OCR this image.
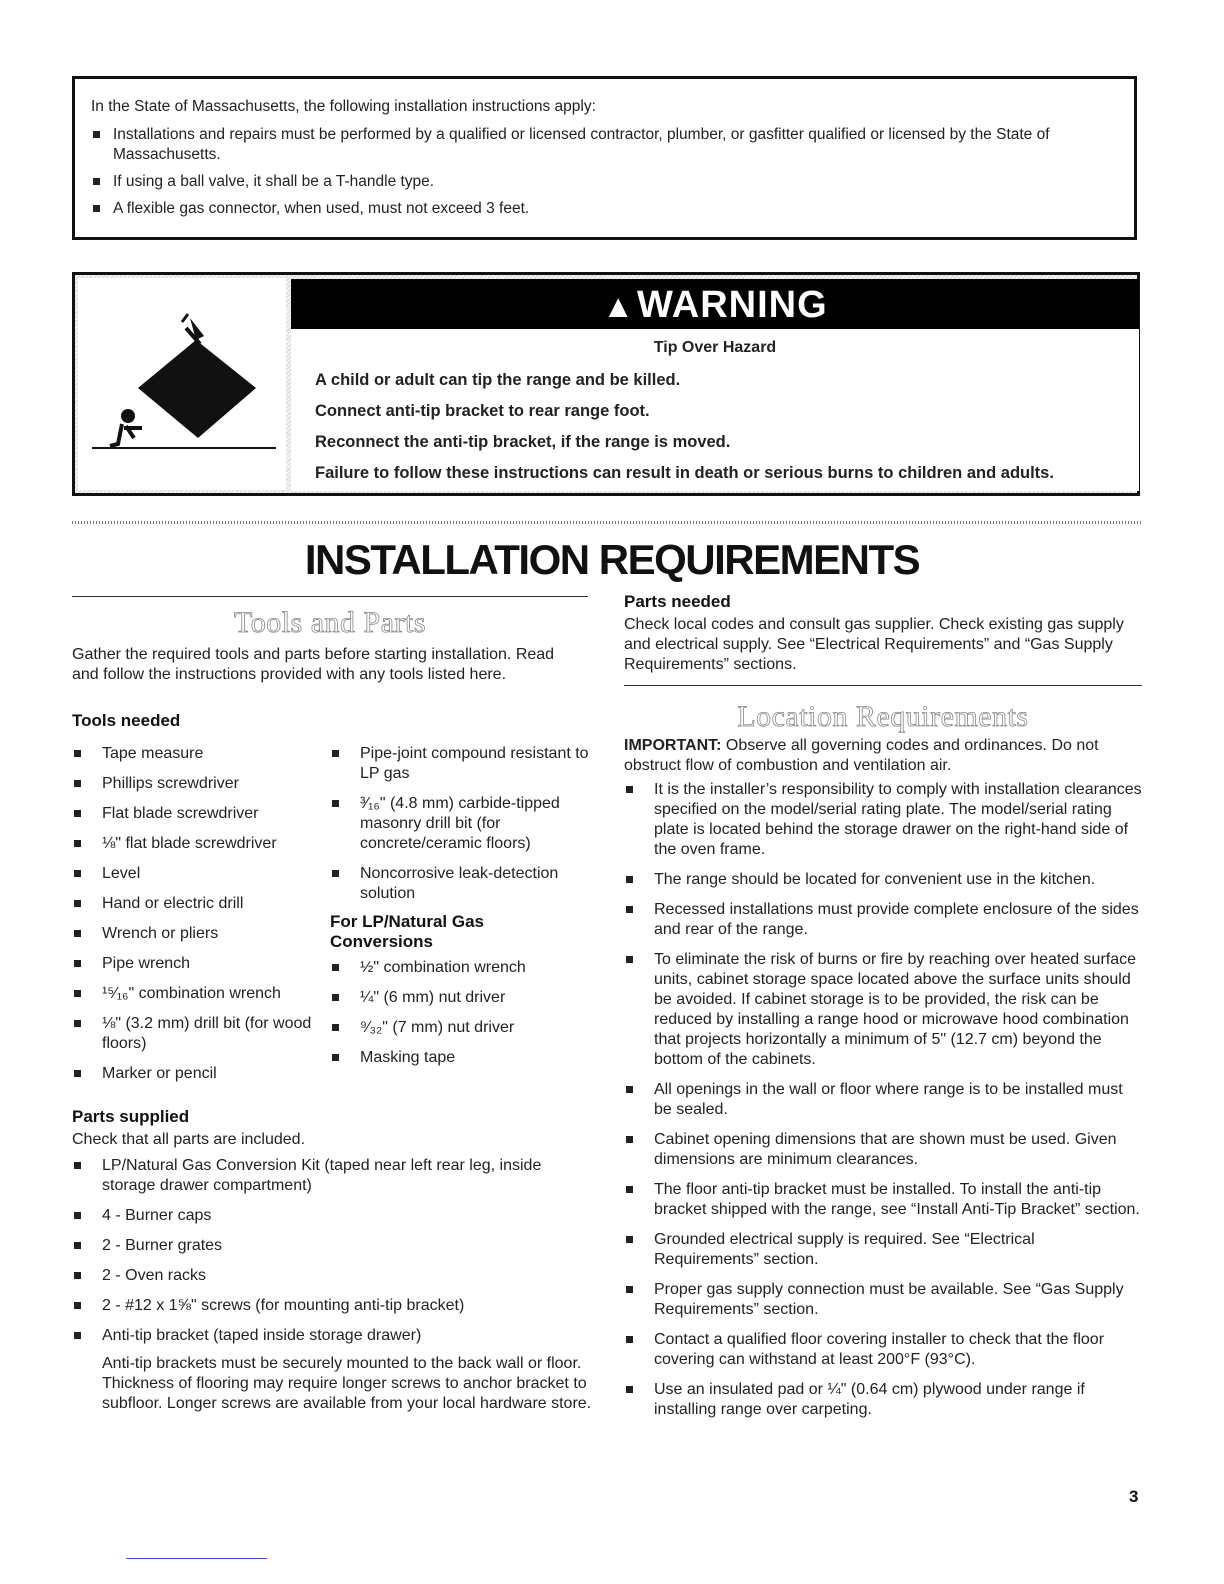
In the State of Massachusetts, the following installation instructions apply:

Installations and repairs must be performed by a qualified or licensed contractor, plumber, or gasfitter qualified or licensed by the State of Massachusetts.
If using a ball valve, it shall be a T-handle type.
A flexible gas connector, when used, must not exceed 3 feet.
▲WARNING
Tip Over Hazard
A child or adult can tip the range and be killed.
Connect anti-tip bracket to rear range foot.
Reconnect the anti-tip bracket, if the range is moved.
Failure to follow these instructions can result in death or serious burns to children and adults.
INSTALLATION REQUIREMENTS
Tools and Parts
Gather the required tools and parts before starting installation. Read and follow the instructions provided with any tools listed here.
Tools needed
Tape measure
Phillips screwdriver
Flat blade screwdriver
⅛" flat blade screwdriver
Level
Hand or electric drill
Wrench or pliers
Pipe wrench
¹⁵⁄₁₆" combination wrench
⅛" (3.2 mm) drill bit (for wood floors)
Marker or pencil
Pipe-joint compound resistant to LP gas
³⁄₁₆" (4.8 mm) carbide-tipped masonry drill bit (for concrete/ceramic floors)
Noncorrosive leak-detection solution
For LP/Natural Gas Conversions
½" combination wrench
¼" (6 mm) nut driver
⁹⁄₃₂" (7 mm) nut driver
Masking tape
Parts supplied
Check that all parts are included.
LP/Natural Gas Conversion Kit (taped near left rear leg, inside storage drawer compartment)
4 - Burner caps
2 - Burner grates
2 - Oven racks
2 - #12 x 1⅝" screws (for mounting anti-tip bracket)
Anti-tip bracket (taped inside storage drawer)
Anti-tip brackets must be securely mounted to the back wall or floor. Thickness of flooring may require longer screws to anchor bracket to subfloor. Longer screws are available from your local hardware store.
Parts needed
Check local codes and consult gas supplier. Check existing gas supply and electrical supply. See “Electrical Requirements” and “Gas Supply Requirements” sections.
Location Requirements
IMPORTANT: Observe all governing codes and ordinances. Do not obstruct flow of combustion and ventilation air.
It is the installer’s responsibility to comply with installation clearances specified on the model/serial rating plate. The model/serial rating plate is located behind the storage drawer on the right-hand side of the oven frame.
The range should be located for convenient use in the kitchen.
Recessed installations must provide complete enclosure of the sides and rear of the range.
To eliminate the risk of burns or fire by reaching over heated surface units, cabinet storage space located above the surface units should be avoided. If cabinet storage is to be provided, the risk can be reduced by installing a range hood or microwave hood combination that projects horizontally a minimum of 5" (12.7 cm) beyond the bottom of the cabinets.
All openings in the wall or floor where range is to be installed must be sealed.
Cabinet opening dimensions that are shown must be used. Given dimensions are minimum clearances.
The floor anti-tip bracket must be installed. To install the anti-tip bracket shipped with the range, see “Install Anti-Tip Bracket” section.
Grounded electrical supply is required. See “Electrical Requirements” section.
Proper gas supply connection must be available. See “Gas Supply Requirements” section.
Contact a qualified floor covering installer to check that the floor covering can withstand at least 200°F (93°C).
Use an insulated pad or ¼" (0.64 cm) plywood under range if installing range over carpeting.
3
